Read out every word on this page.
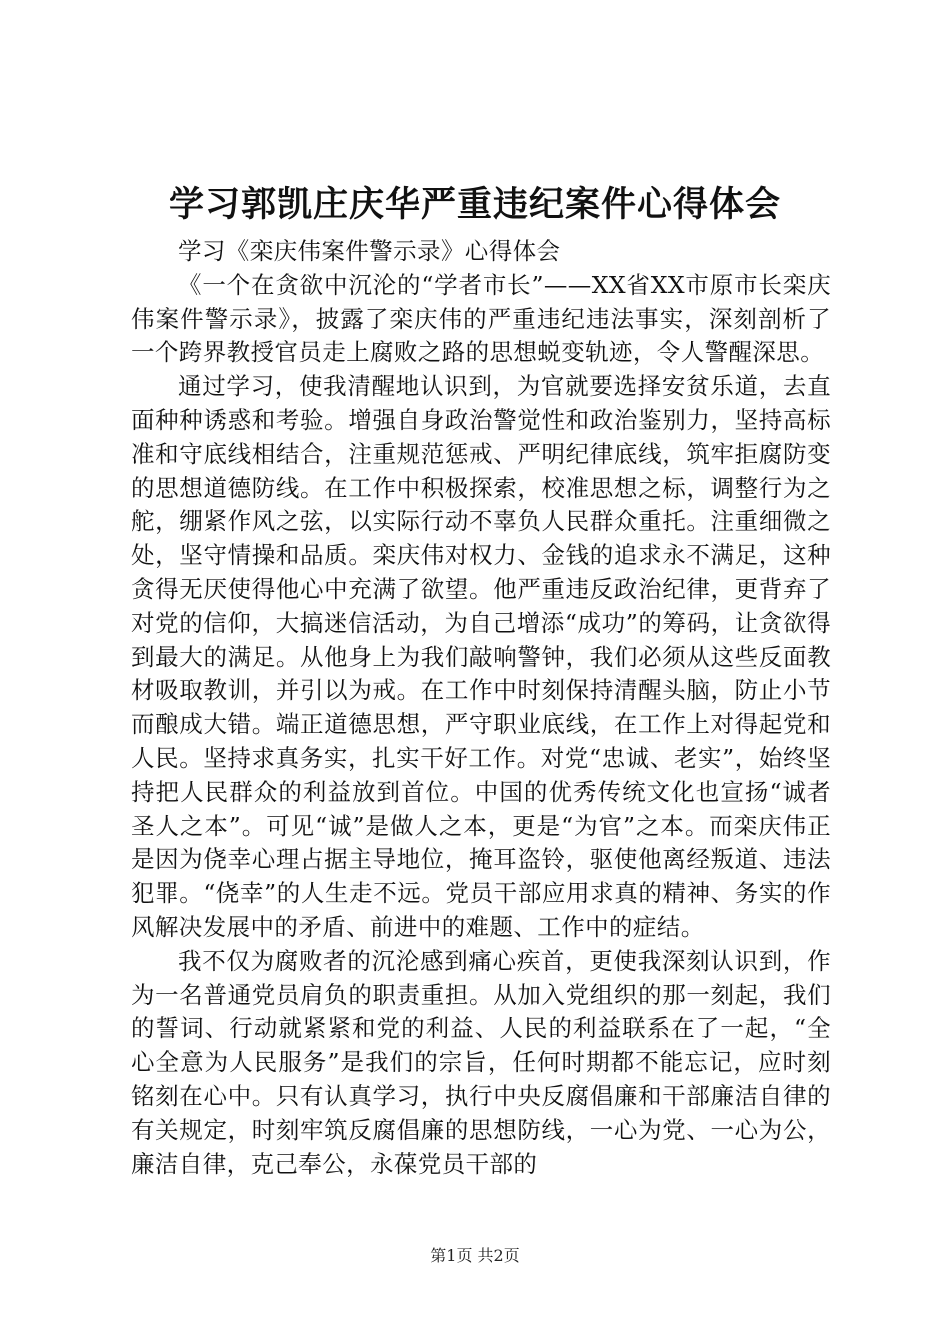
学习郭凯庄庆华严重违纪案件心得体会

学习《栾庆伟案件警示录》心得体会

《一个在贪欲中沉沦的“学者市长”——XX省XX市原市长栾庆伟案件警示录》，披露了栾庆伟的严重违纪违法事实，深刻剖析了一个跨界教授官员走上腐败之路的思想蜕变轨迹，令人警醒深思。

通过学习，使我清醒地认识到，为官就要选择安贫乐道，去直面种种诱惑和考验。增强自身政治警觉性和政治鉴别力，坚持高标准和守底线相结合，注重规范惩戒、严明纪律底线，筑牢拒腐防变的思想道德防线。在工作中积极探索，校准思想之标，调整行为之舵，绷紧作风之弦，以实际行动不辜负人民群众重托。注重细微之处，坚守情操和品质。栾庆伟对权力、金钱的追求永不满足，这种贪得无厌使得他心中充满了欲望。他严重违反政治纪律，更背弃了对党的信仰，大搞迷信活动，为自己增添“成功”的筹码，让贪欲得到最大的满足。从他身上为我们敲响警钟，我们必须从这些反面教材吸取教训，并引以为戒。在工作中时刻保持清醒头脑，防止小节而酿成大错。端正道德思想，严守职业底线，在工作上对得起党和人民。坚持求真务实，扎实干好工作。对党“忠诚、老实”，始终坚持把人民群众的利益放到首位。中国的优秀传统文化也宣扬“诚者圣人之本”。可见“诚”是做人之本，更是“为官”之本。而栾庆伟正是因为侥幸心理占据主导地位，掩耳盗铃，驱使他离经叛道、违法犯罪。“侥幸”的人生走不远。党员干部应用求真的精神、务实的作风解决发展中的矛盾、前进中的难题、工作中的症结。

我不仅为腐败者的沉沦感到痛心疾首，更使我深刻认识到，作为一名普通党员肩负的职责重担。从加入党组织的那一刻起，我们的誓词、行动就紧紧和党的利益、人民的利益联系在了一起，“全心全意为人民服务”是我们的宗旨，任何时期都不能忘记，应时刻铭刻在心中。只有认真学习，执行中央反腐倡廉和干部廉洁自律的有关规定，时刻牢筑反腐倡廉的思想防线，一心为党、一心为公，廉洁自律，克己奉公，永葆党员干部的

第1页 共2页
